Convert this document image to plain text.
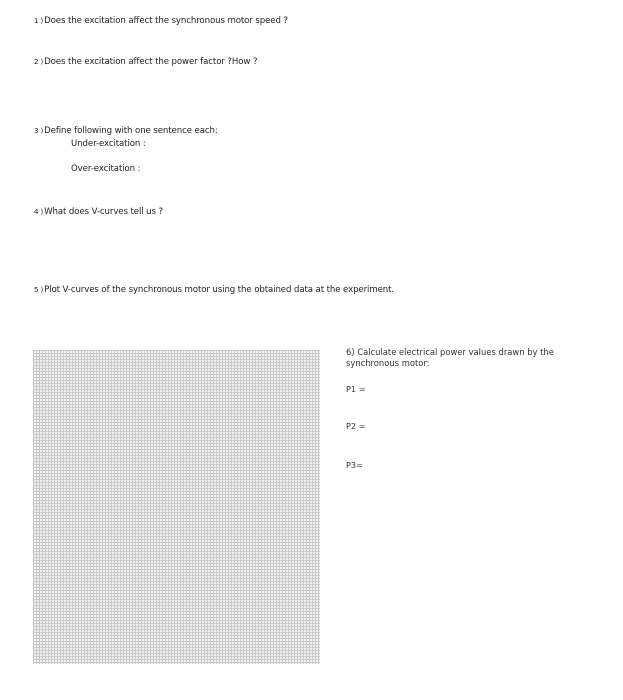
1 )Does the excitation affect the synchronous motor speed ?
2 )Does the excitation affect the power factor ?How ?
3 )Define following with one sentence each:
Under-excitation :
Over-excitation :
4 )What does V-curves tell us ?
5 )Plot V-curves of the synchronous motor using the obtained data at the experiment.
6) Calculate electrical power values drawn by the synchronous motor:
P1 =
P2 =
P3=
